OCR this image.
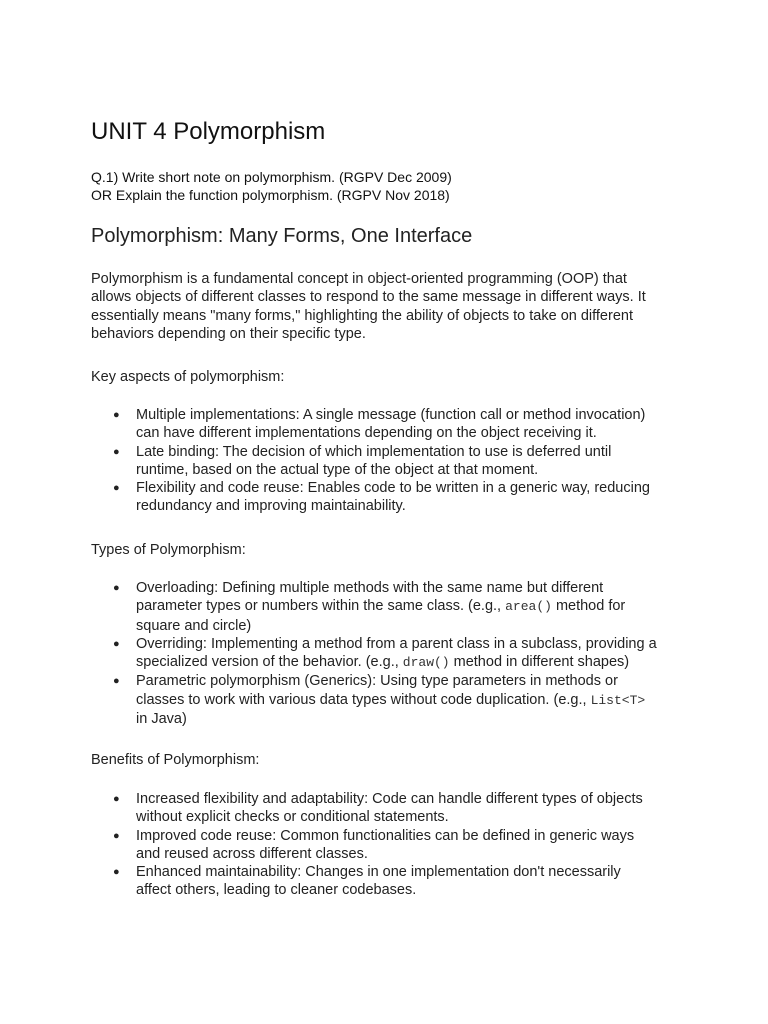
UNIT 4 Polymorphism
Q.1) Write short note on polymorphism. (RGPV Dec 2009)
OR Explain the function polymorphism. (RGPV Nov 2018)
Polymorphism: Many Forms, One Interface
Polymorphism is a fundamental concept in object-oriented programming (OOP) that
allows objects of different classes to respond to the same message in different ways. It
essentially means "many forms," highlighting the ability of objects to take on different
behaviors depending on their specific type.
Key aspects of polymorphism:
● Multiple implementations: A single message (function call or method invocation)
can have different implementations depending on the object receiving it.
● Late binding: The decision of which implementation to use is deferred until
runtime, based on the actual type of the object at that moment.
● Flexibility and code reuse: Enables code to be written in a generic way, reducing
redundancy and improving maintainability.
Types of Polymorphism:
● Overloading: Defining multiple methods with the same name but different
parameter types or numbers within the same class. (e.g., area() method for
square and circle)
● Overriding: Implementing a method from a parent class in a subclass, providing a
specialized version of the behavior. (e.g., draw() method in different shapes)
● Parametric polymorphism (Generics): Using type parameters in methods or
classes to work with various data types without code duplication. (e.g., List<T>
in Java)
Benefits of Polymorphism:
● Increased flexibility and adaptability: Code can handle different types of objects
without explicit checks or conditional statements.
● Improved code reuse: Common functionalities can be defined in generic ways
and reused across different classes.
● Enhanced maintainability: Changes in one implementation don't necessarily
affect others, leading to cleaner codebases.
